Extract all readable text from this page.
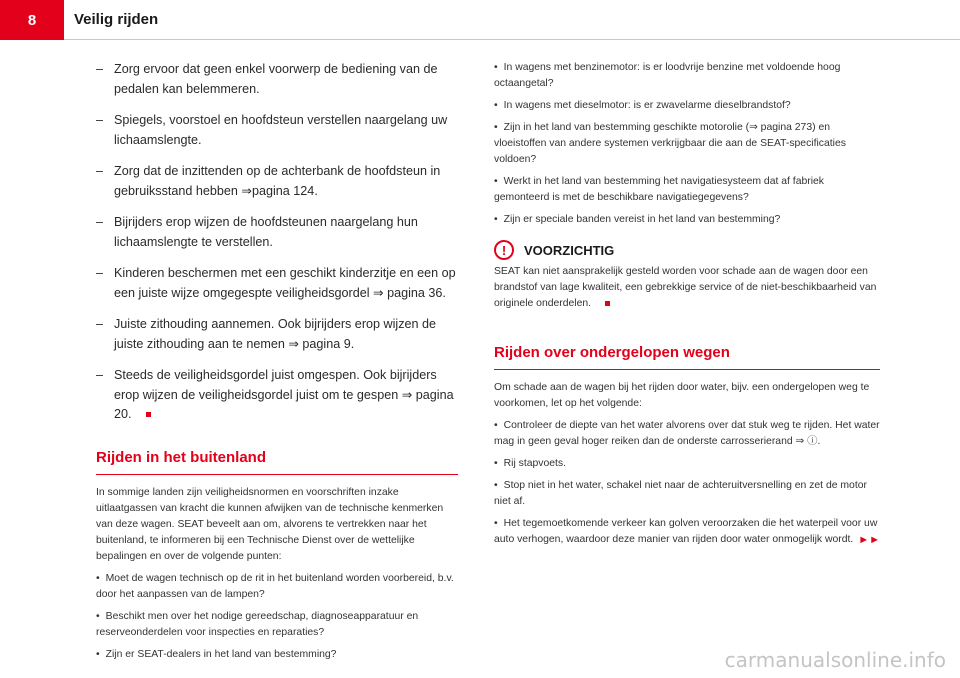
8	Veilig rijden
– Zorg ervoor dat geen enkel voorwerp de bediening van de pedalen kan belemmeren.
– Spiegels, voorstoel en hoofdsteun verstellen naargelang uw lichaamslengte.
– Zorg dat de inzittenden op de achterbank de hoofdsteun in gebruiksstand hebben ⇒pagina 124.
– Bijrijders erop wijzen de hoofdsteunen naargelang hun lichaamslengte te verstellen.
– Kinderen beschermen met een geschikt kinderzitje en een op een juiste wijze omgegespte veiligheidsgordel ⇒ pagina 36.
– Juiste zithouding aannemen. Ook bijrijders erop wijzen de juiste zithouding aan te nemen ⇒ pagina 9.
– Steeds de veiligheidsgordel juist omgespen. Ook bijrijders erop wijzen de veiligheidsgordel juist om te gespen ⇒ pagina 20.
Rijden in het buitenland

In sommige landen zijn veiligheidsnormen en voorschriften inzake uitlaatgassen van kracht die kunnen afwijken van de technische kenmerken van deze wagen. SEAT beveelt aan om, alvorens te vertrekken naar het buitenland, te informeren bij een Technische Dienst over de wettelijke bepalingen en over de volgende punten:

• Moet de wagen technisch op de rit in het buitenland worden voorbereid, b.v. door het aanpassen van de lampen?
• Beschikt men over het nodige gereedschap, diagnoseapparatuur en reserveonderdelen voor inspecties en reparaties?
• Zijn er SEAT-dealers in het land van bestemming?
• In wagens met benzinemotor: is er loodvrije benzine met voldoende hoog octaangetal?
• In wagens met dieselmotor: is er zwavelarme dieselbrandstof?
• Zijn in het land van bestemming geschikte motorolie (⇒ pagina 273) en vloeistoffen van andere systemen verkrijgbaar die aan de SEAT-specificaties voldoen?
• Werkt in het land van bestemming het navigatiesysteem dat af fabriek gemonteerd is met de beschikbare navigatiegegevens?
• Zijn er speciale banden vereist in het land van bestemming?
!	VOORZICHTIG

SEAT kan niet aansprakelijk gesteld worden voor schade aan de wagen door een brandstof van lage kwaliteit, een gebrekkige service of de niet-beschikbaarheid van originele onderdelen.

Rijden over ondergelopen wegen

Om schade aan de wagen bij het rijden door water, bijv. een ondergelopen weg te voorkomen, let op het volgende:

• Controleer de diepte van het water alvorens over dat stuk weg te rijden. Het water mag in geen geval hoger reiken dan de onderste carrosserierand ⇒ ⓘ.
• Rij stapvoets.
• Stop niet in het water, schakel niet naar de achteruitversnelling en zet de motor niet af.
• Het tegemoetkomende verkeer kan golven veroorzaken die het waterpeil voor uw auto verhogen, waardoor deze manier van rijden door water onmogelijk wordt. ►►
carmanualsonline.info
